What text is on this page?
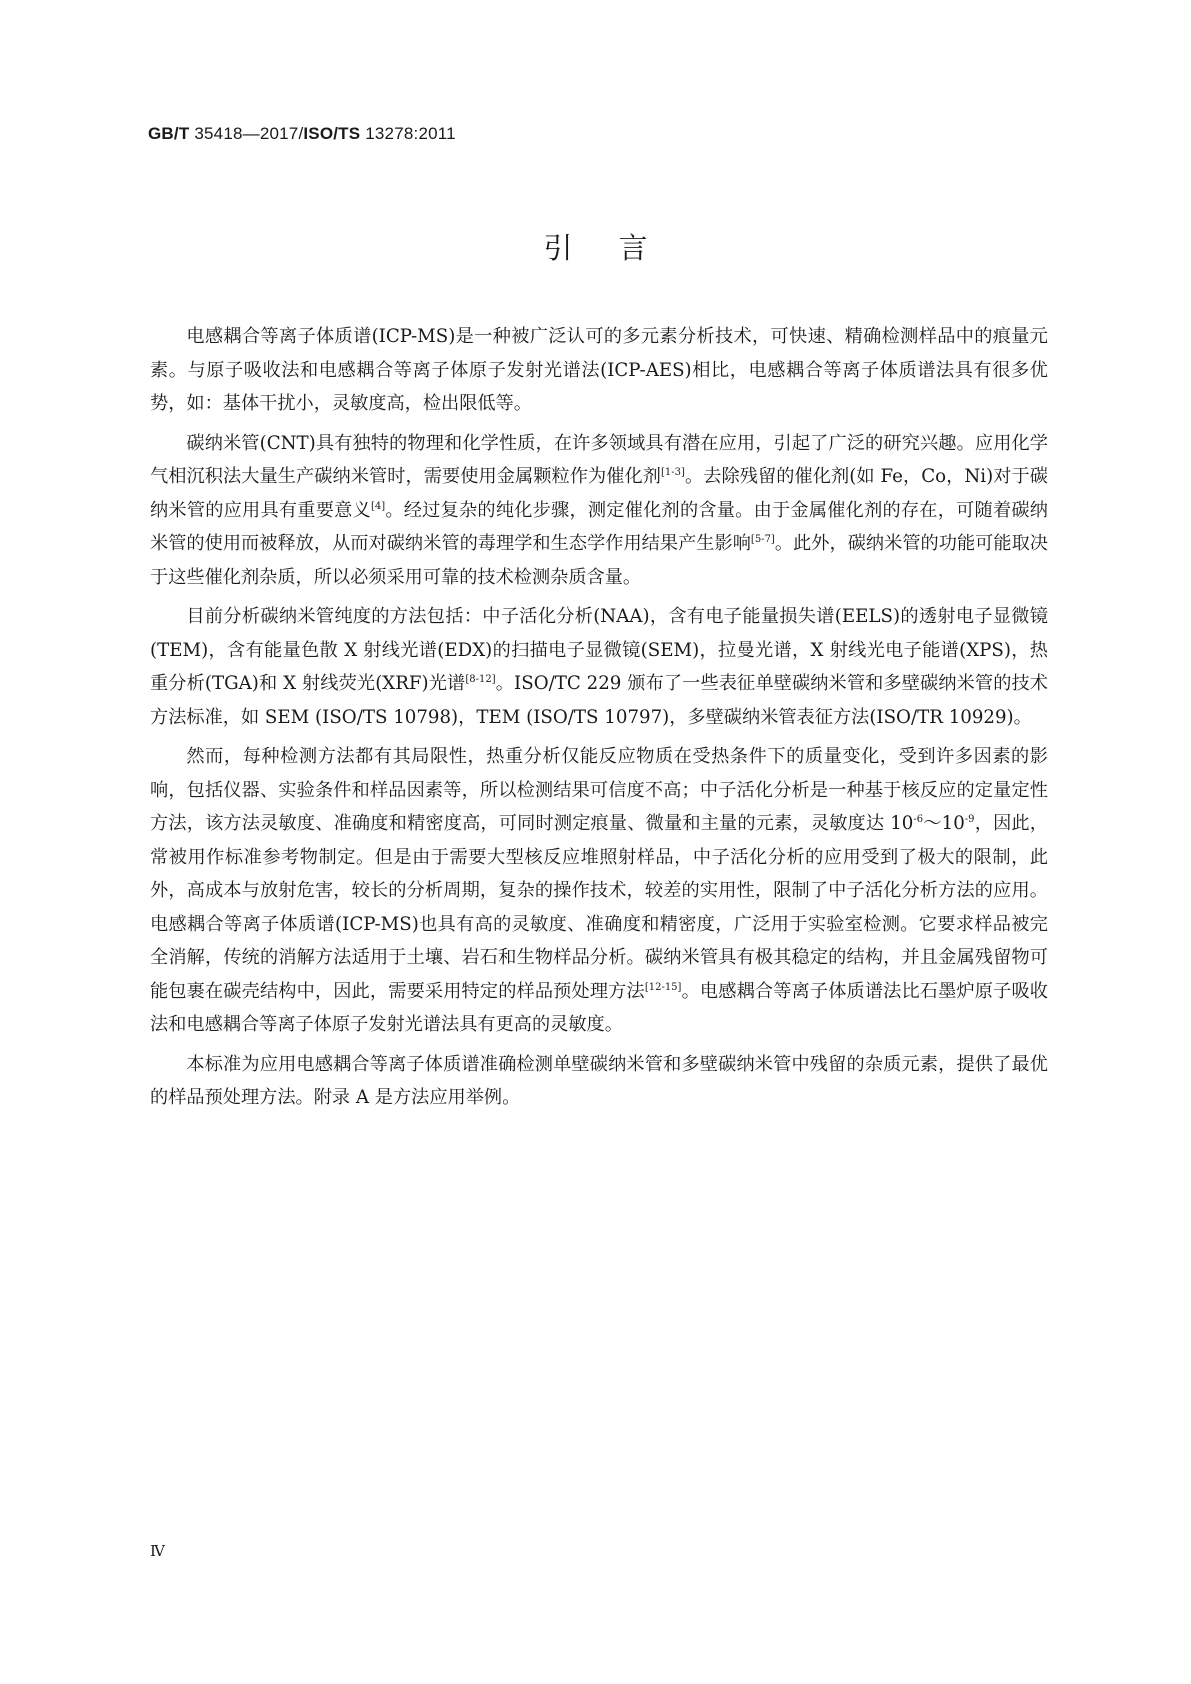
GB/T 35418—2017/ISO/TS 13278:2011
引言

电感耦合等离子体质谱(ICP-MS)是一种被广泛认可的多元素分析技术，可快速、精确检测样品中的痕量元素。与原子吸收法和电感耦合等离子体原子发射光谱法(ICP-AES)相比，电感耦合等离子体质谱法具有很多优势，如：基体干扰小，灵敏度高，检出限低等。

碳纳米管(CNT)具有独特的物理和化学性质，在许多领域具有潜在应用，引起了广泛的研究兴趣。应用化学气相沉积法大量生产碳纳米管时，需要使用金属颗粒作为催化剂[1-3]。去除残留的催化剂(如 Fe，Co，Ni)对于碳纳米管的应用具有重要意义[4]。经过复杂的纯化步骤，测定催化剂的含量。由于金属催化剂的存在，可随着碳纳米管的使用而被释放，从而对碳纳米管的毒理学和生态学作用结果产生影响[5-7]。此外，碳纳米管的功能可能取决于这些催化剂杂质，所以必须采用可靠的技术检测杂质含量。

目前分析碳纳米管纯度的方法包括：中子活化分析(NAA)，含有电子能量损失谱(EELS)的透射电子显微镜(TEM)，含有能量色散 X 射线光谱(EDX)的扫描电子显微镜(SEM)，拉曼光谱，X 射线光电子能谱(XPS)，热重分析(TGA)和 X 射线荧光(XRF)光谱[8-12]。ISO/TC 229 颁布了一些表征单壁碳纳米管和多壁碳纳米管的技术方法标准，如 SEM (ISO/TS 10798)，TEM (ISO/TS 10797)，多壁碳纳米管表征方法(ISO/TR 10929)。

然而，每种检测方法都有其局限性，热重分析仅能反应物质在受热条件下的质量变化，受到许多因素的影响，包括仪器、实验条件和样品因素等，所以检测结果可信度不高；中子活化分析是一种基于核反应的定量定性方法，该方法灵敏度、准确度和精密度高，可同时测定痕量、微量和主量的元素，灵敏度达 10$^{-6}$～10$^{-9}$，因此，常被用作标准参考物制定。但是由于需要大型核反应堆照射样品，中子活化分析的应用受到了极大的限制，此外，高成本与放射危害，较长的分析周期，复杂的操作技术，较差的实用性，限制了中子活化分析方法的应用。电感耦合等离子体质谱(ICP-MS)也具有高的灵敏度、准确度和精密度，广泛用于实验室检测。它要求样品被完全消解，传统的消解方法适用于土壤、岩石和生物样品分析。碳纳米管具有极其稳定的结构，并且金属残留物可能包裹在碳壳结构中，因此，需要采用特定的样品预处理方法[12-15]。电感耦合等离子体质谱法比石墨炉原子吸收法和电感耦合等离子体原子发射光谱法具有更高的灵敏度。

本标准为应用电感耦合等离子体质谱准确检测单壁碳纳米管和多壁碳纳米管中残留的杂质元素，提供了最优的样品预处理方法。附录 A 是方法应用举例。

Ⅳ
